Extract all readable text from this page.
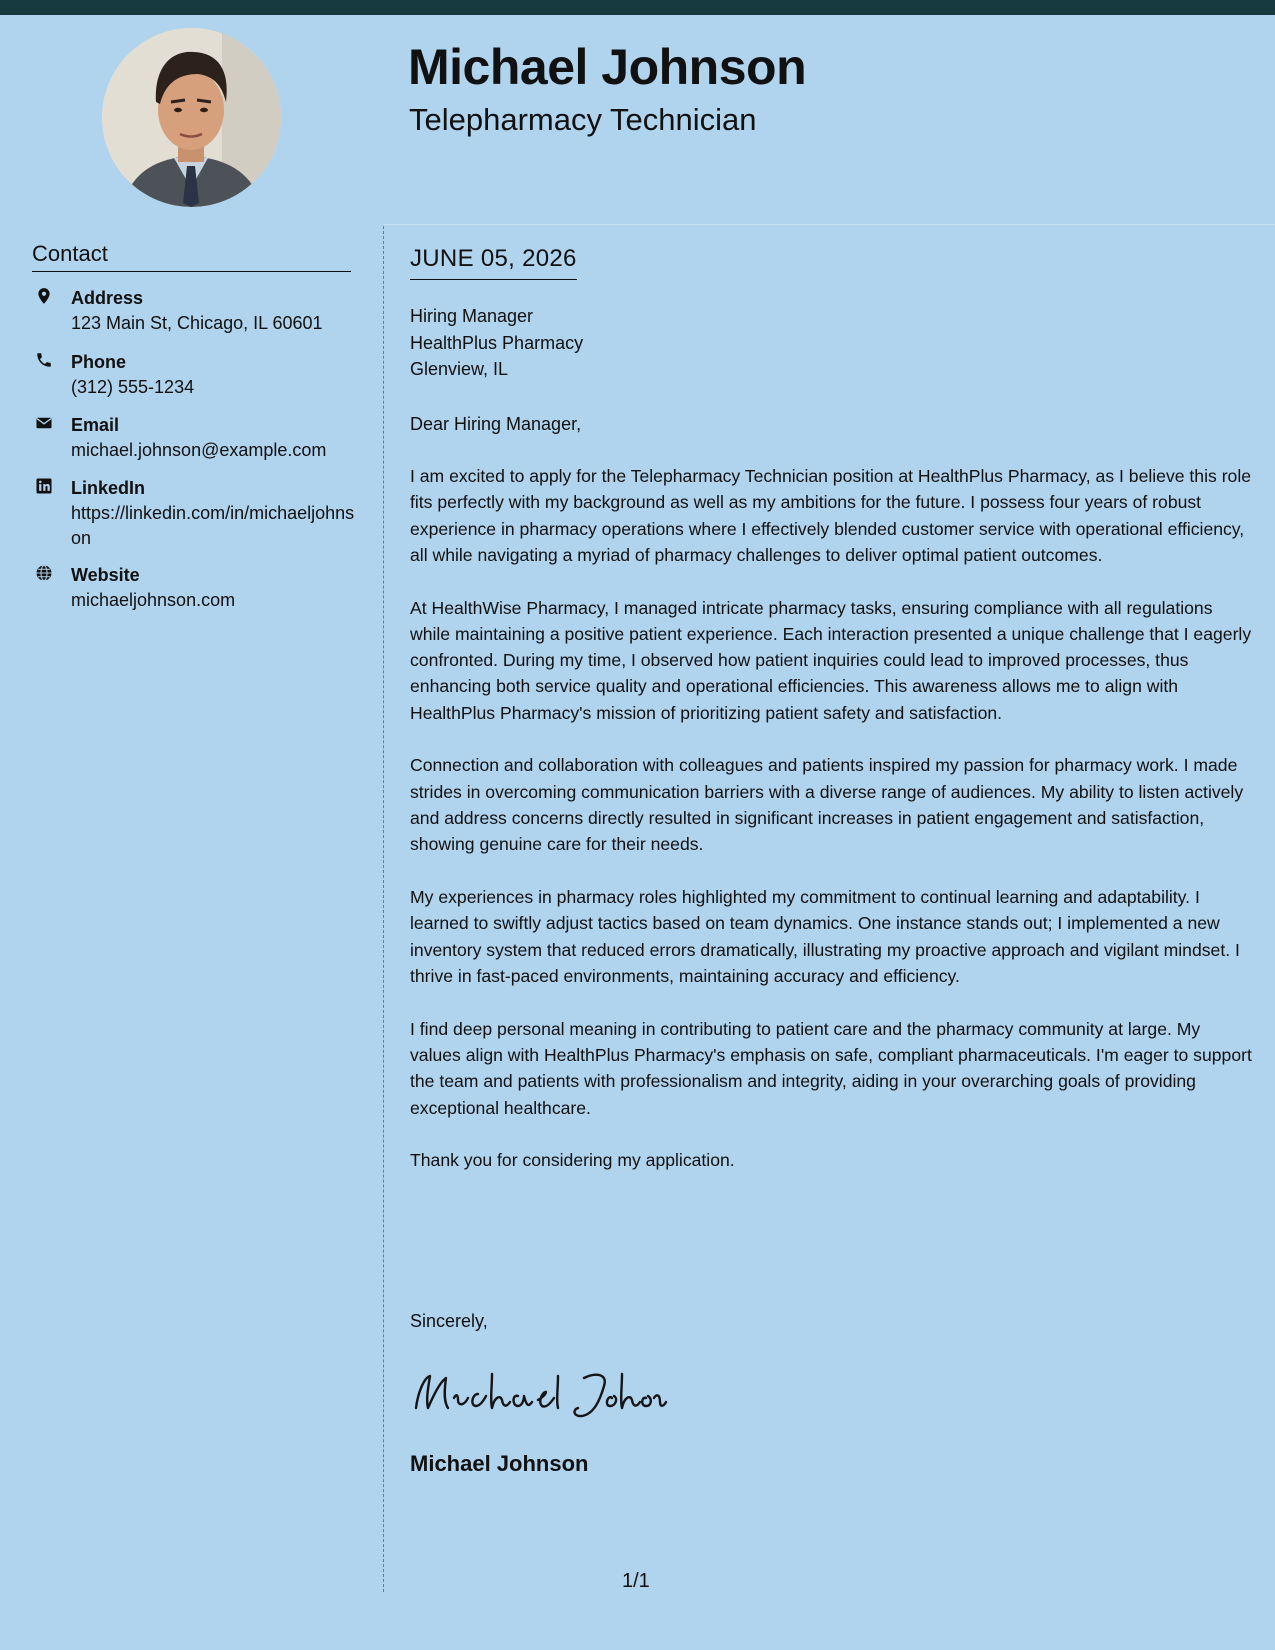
Michael Johnson
Telepharmacy Technician
Contact
Address
123 Main St, Chicago, IL 60601
Phone
(312) 555-1234
Email
michael.johnson@example.com
LinkedIn
https://linkedin.com/in/michaeljohnson
Website
michaeljohnson.com
JUNE 05, 2026
Hiring Manager
HealthPlus Pharmacy
Glenview, IL
Dear Hiring Manager,

I am excited to apply for the Telepharmacy Technician position at HealthPlus Pharmacy, as I believe this role fits perfectly with my background as well as my ambitions for the future. I possess four years of robust experience in pharmacy operations where I effectively blended customer service with operational efficiency, all while navigating a myriad of pharmacy challenges to deliver optimal patient outcomes.

At HealthWise Pharmacy, I managed intricate pharmacy tasks, ensuring compliance with all regulations while maintaining a positive patient experience. Each interaction presented a unique challenge that I eagerly confronted. During my time, I observed how patient inquiries could lead to improved processes, thus enhancing both service quality and operational efficiencies. This awareness allows me to align with HealthPlus Pharmacy's mission of prioritizing patient safety and satisfaction.

Connection and collaboration with colleagues and patients inspired my passion for pharmacy work. I made strides in overcoming communication barriers with a diverse range of audiences. My ability to listen actively and address concerns directly resulted in significant increases in patient engagement and satisfaction, showing genuine care for their needs.

My experiences in pharmacy roles highlighted my commitment to continual learning and adaptability. I learned to swiftly adjust tactics based on team dynamics. One instance stands out; I implemented a new inventory system that reduced errors dramatically, illustrating my proactive approach and vigilant mindset. I thrive in fast-paced environments, maintaining accuracy and efficiency.

I find deep personal meaning in contributing to patient care and the pharmacy community at large. My values align with HealthPlus Pharmacy's emphasis on safe, compliant pharmaceuticals. I'm eager to support the team and patients with professionalism and integrity, aiding in your overarching goals of providing exceptional healthcare.

Thank you for considering my application.

Sincerely,
Michael Johnson
1/1
